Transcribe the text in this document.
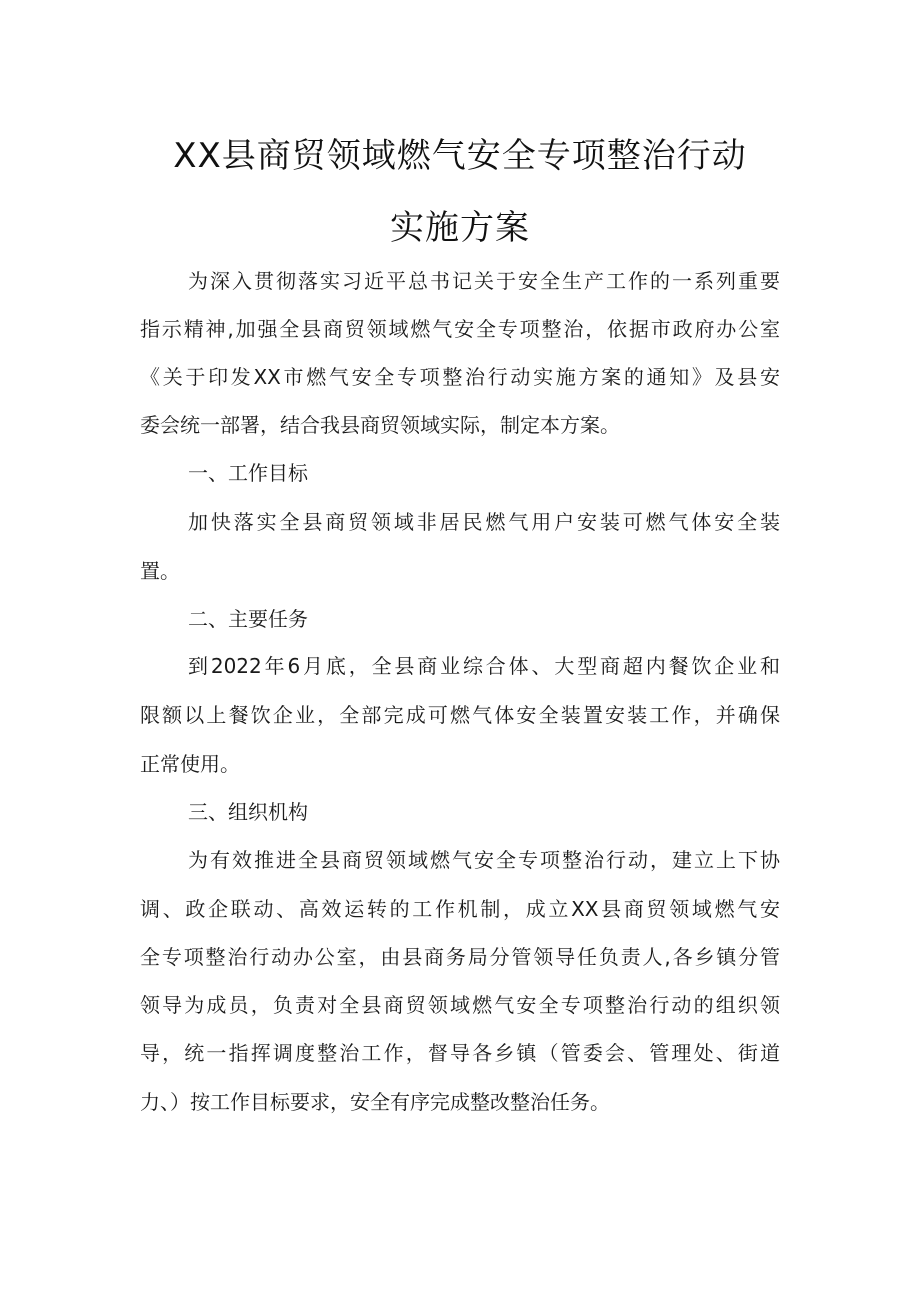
XX县商贸领域燃气安全专项整治行动
实施方案
为深入贯彻落实习近平总书记关于安全生产工作的一系列重要
指示精神,加强全县商贸领域燃气安全专项整治，依据市政府办公室
《关于印发XX市燃气安全专项整治行动实施方案的通知》及县安
委会统一部署，结合我县商贸领域实际，制定本方案。
一、工作目标
加快落实全县商贸领域非居民燃气用户安装可燃气体安全装
置。
二、主要任务
到2022年6月底，全县商业综合体、大型商超内餐饮企业和
限额以上餐饮企业，全部完成可燃气体安全装置安装工作，并确保
正常使用。
三、组织机构
为有效推进全县商贸领域燃气安全专项整治行动，建立上下协
调、政企联动、高效运转的工作机制，成立XX县商贸领域燃气安
全专项整治行动办公室，由县商务局分管领导任负责人,各乡镇分管
领导为成员，负责对全县商贸领域燃气安全专项整治行动的组织领
导，统一指挥调度整治工作，督导各乡镇（管委会、管理处、街道
力、）按工作目标要求，安全有序完成整改整治任务。
